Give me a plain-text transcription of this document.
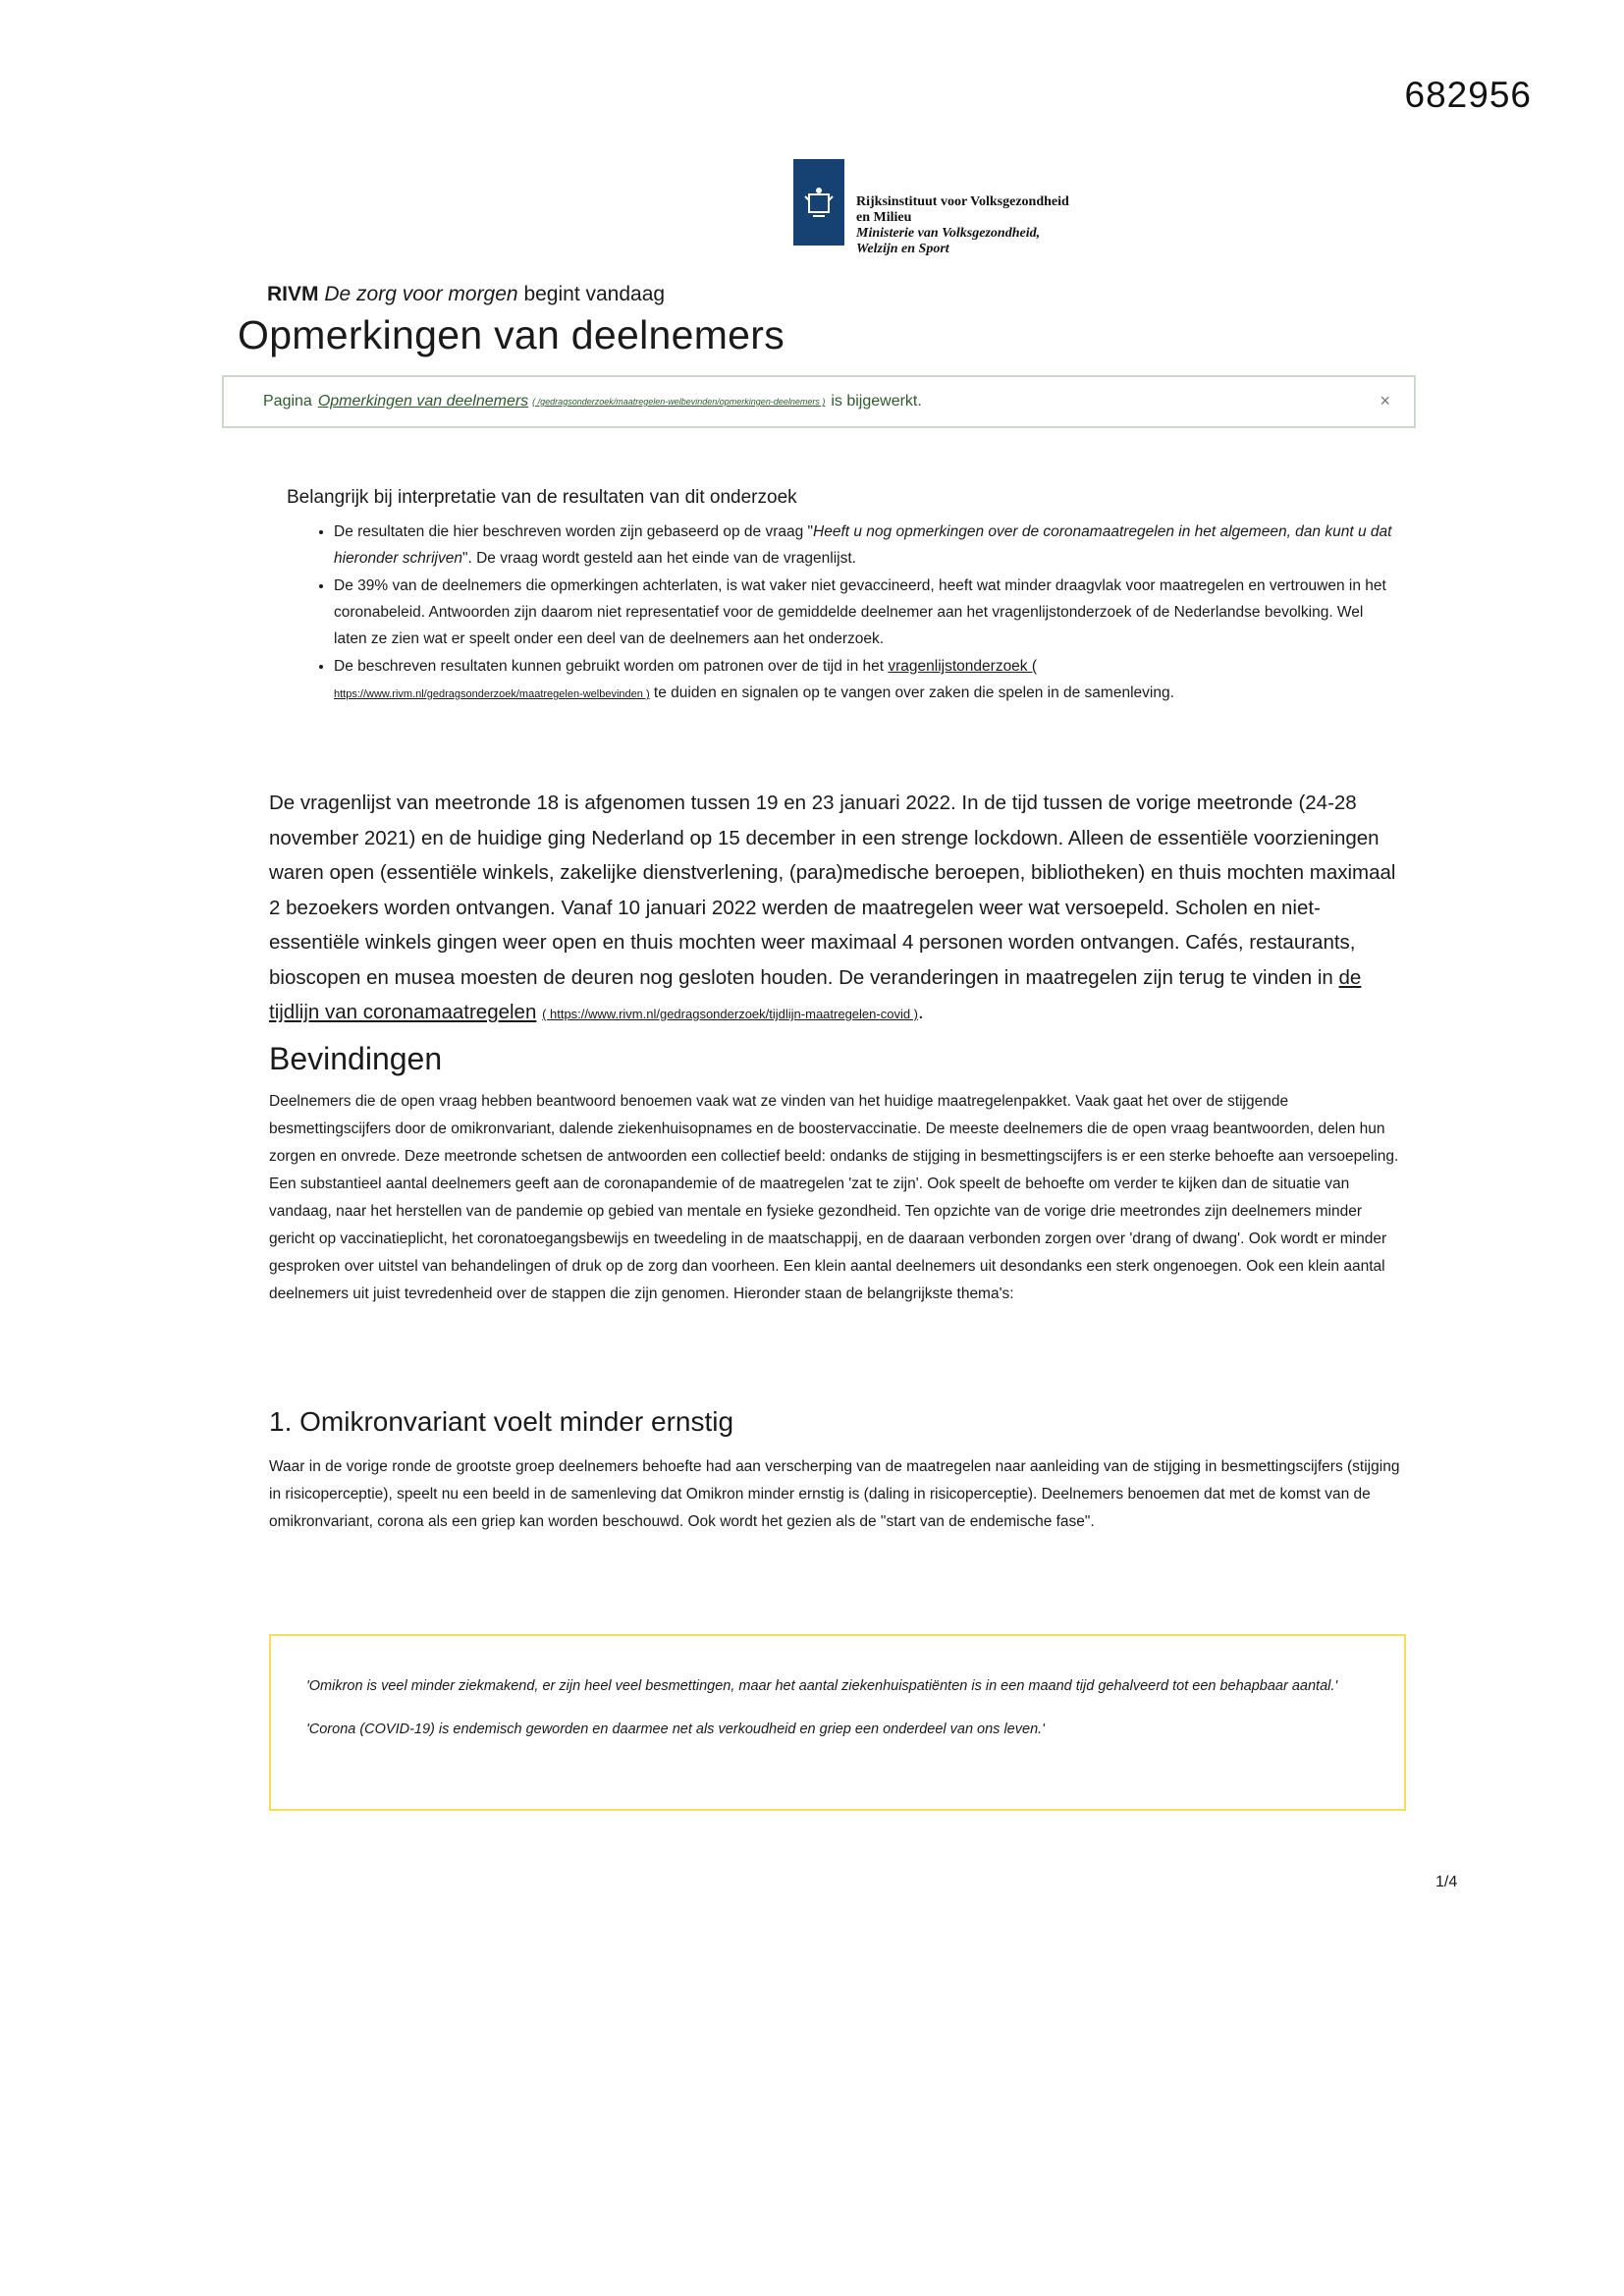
682956
Rijksinstituut voor Volksgezondheid
en Milieu
Ministerie van Volksgezondheid,
Welzijn en Sport
RIVM De zorg voor morgen begint vandaag
Opmerkingen van deelnemers
Pagina Opmerkingen van deelnemers ( /gedragsonderzoek/maatregelen-welbevinden/opmerkingen-deelnemers ) is bijgewerkt.	×
Belangrijk bij interpretatie van de resultaten van dit onderzoek
• De resultaten die hier beschreven worden zijn gebaseerd op de vraag "Heeft u nog opmerkingen over de coronamaatregelen in het algemeen, dan kunt u dat hieronder schrijven". De vraag wordt gesteld aan het einde van de vragenlijst.
• De 39% van de deelnemers die opmerkingen achterlaten, is wat vaker niet gevaccineerd, heeft wat minder draagvlak voor maatregelen en vertrouwen in het coronabeleid. Antwoorden zijn daarom niet representatief voor de gemiddelde deelnemer aan het vragenlijstonderzoek of de Nederlandse bevolking. Wel laten ze zien wat er speelt onder een deel van de deelnemers aan het onderzoek.
• De beschreven resultaten kunnen gebruikt worden om patronen over de tijd in het vragenlijstonderzoek (
https://www.rivm.nl/gedragsonderzoek/maatregelen-welbevinden ) te duiden en signalen op te vangen over zaken die spelen in de samenleving.
De vragenlijst van meetronde 18 is afgenomen tussen 19 en 23 januari 2022. In de tijd tussen de vorige meetronde (24-28 november 2021) en de huidige ging Nederland op 15 december in een strenge lockdown. Alleen de essentiële voorzieningen waren open (essentiële winkels, zakelijke dienstverlening, (para)medische beroepen, bibliotheken) en thuis mochten maximaal 2 bezoekers worden ontvangen. Vanaf 10 januari 2022 werden de maatregelen weer wat versoepeld. Scholen en niet-essentiële winkels gingen weer open en thuis mochten weer maximaal 4 personen worden ontvangen. Cafés, restaurants, bioscopen en musea moesten de deuren nog gesloten houden. De veranderingen in maatregelen zijn terug te vinden in de tijdlijn van coronamaatregelen ( https://www.rivm.nl/gedragsonderzoek/tijdlijn-maatregelen-covid ).
Bevindingen
Deelnemers die de open vraag hebben beantwoord benoemen vaak wat ze vinden van het huidige maatregelenpakket. Vaak gaat het over de stijgende besmettingscijfers door de omikronvariant, dalende ziekenhuisopnames en de boostervaccinatie. De meeste deelnemers die de open vraag beantwoorden, delen hun zorgen en onvrede. Deze meetronde schetsen de antwoorden een collectief beeld: ondanks de stijging in besmettingscijfers is er een sterke behoefte aan versoepeling. Een substantieel aantal deelnemers geeft aan de coronapandemie of de maatregelen 'zat te zijn'. Ook speelt de behoefte om verder te kijken dan de situatie van vandaag, naar het herstellen van de pandemie op gebied van mentale en fysieke gezondheid. Ten opzichte van de vorige drie meetrondes zijn deelnemers minder gericht op vaccinatieplicht, het coronatoegangsbewijs en tweedeling in de maatschappij, en de daaraan verbonden zorgen over 'drang of dwang'. Ook wordt er minder gesproken over uitstel van behandelingen of druk op de zorg dan voorheen. Een klein aantal deelnemers uit desondanks een sterk ongenoegen. Ook een klein aantal deelnemers uit juist tevredenheid over de stappen die zijn genomen. Hieronder staan de belangrijkste thema's:
1. Omikronvariant voelt minder ernstig
Waar in de vorige ronde de grootste groep deelnemers behoefte had aan verscherping van de maatregelen naar aanleiding van de stijging in besmettingscijfers (stijging in risicoperceptie), speelt nu een beeld in de samenleving dat Omikron minder ernstig is (daling in risicoperceptie). Deelnemers benoemen dat met de komst van de omikronvariant, corona als een griep kan worden beschouwd. Ook wordt het gezien als de "start van de endemische fase".

'Omikron is veel minder ziekmakend, er zijn heel veel besmettingen, maar het aantal ziekenhuispatiënten is in een maand tijd gehalveerd tot een behapbaar aantal.'

'Corona (COVID-19) is endemisch geworden en daarmee net als verkoudheid en griep een onderdeel van ons leven.'

1/4
